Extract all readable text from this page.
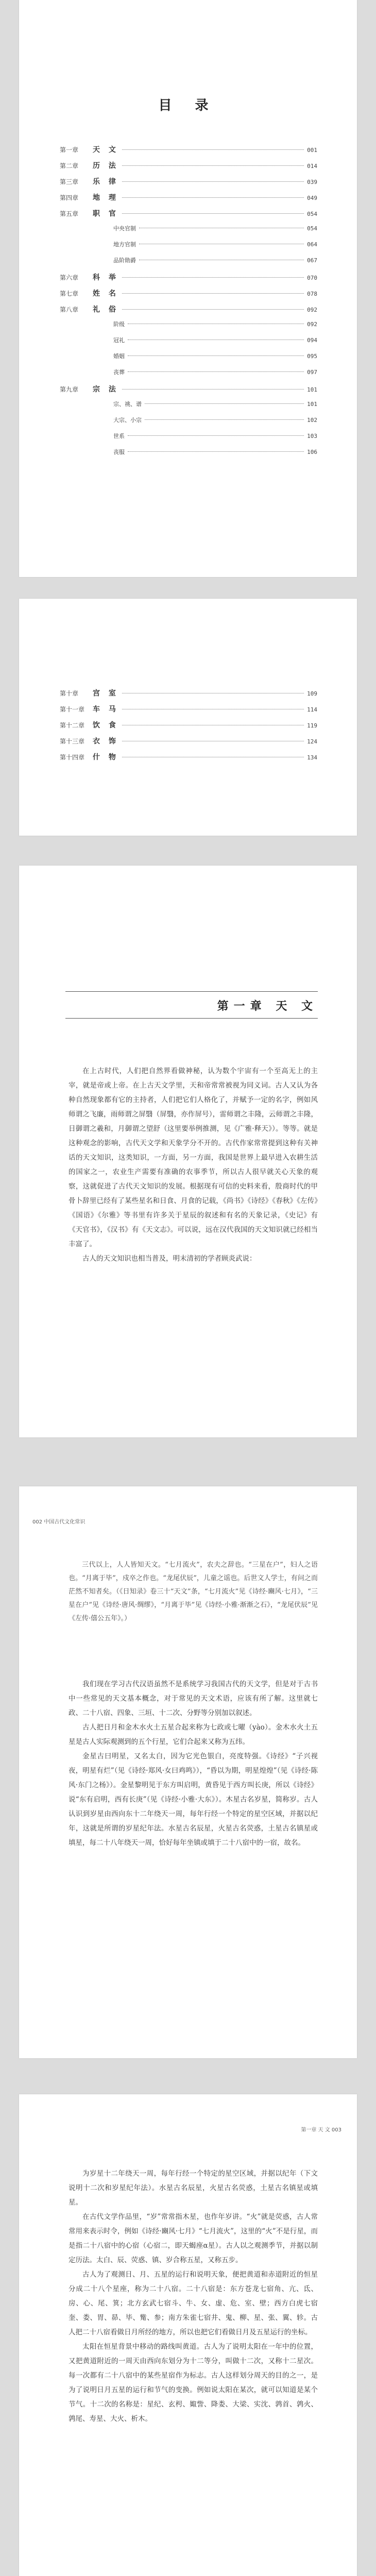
目 录
第一章	天 文	001
第二章	历 法	014
第三章	乐 律	039
第四章	地 理	049
第五章	职 官	054
中央官制	054
地方官制	064
品阶勋爵	067
第六章	科 举	070
第七章	姓 名	078
第八章	礼 俗	092
阶级	092
冠礼	094
婚姻	095
丧葬	097
第九章	宗 法	101
宗、祧、谱	101
大宗、小宗	102
世系	103
丧服	106
第十章	宫 室	109
第十一章	车 马	114
第十二章	饮 食	119
第十三章	衣 饰	124
第十四章	什 物	134
第一章 天 文

在上古时代，人们把自然界看做神秘，认为数个宇宙有一个至高无上的主宰，就是帝或上帝。在上古天文学里，天和帝常常被视为同义词。古人又认为各种自然现象都有它的主持者，人们把它们人格化了，并赋予一定的名字，例如风师谓之飞廉，雨师谓之屏翳（屏翳，亦作屏号），雷师谓之丰隆，云师谓之丰隆，日御谓之羲和，月御谓之望舒（这里要举例推测，见《广雅·释天》）。等等。就是这种观念的影响，古代天文学和天象学分不开的。古代作家常常提到这种有关神话的天文知识，这类知识，一方面，另一方面，我国是世界上最早进入农耕生活的国家之一，农业生产需要有准确的农事季节，所以古人很早就关心天象的观察，这就促进了古代天文知识的发展。根据现有可信的史料来看，殷商时代的甲骨卜辞里已经有了某些星名和日食、月食的记载，《尚书》《诗经》《春秋》《左传》《国语》《尔雅》等书里有许多关于星辰的叙述和有名的天象记录，《史记》有《天官书》，《汉书》有《天文志》。可以说，远在汉代我国的天文知识就已经相当丰富了。

古人的天文知识也相当普及，明末清初的学者顾炎武说：

002 中国古代文化常识
三代以上，人人皆知天文。“七月流火”，农夫之辞也。“三星在户”，妇人之语也。“月离于毕”，戍卒之作也。“龙尾伏辰”，儿童之谣也。后世文人学士，有问之而茫然不知者矣。（《日知录》卷三十“天文”条，“七月流火”见《诗经·豳风·七月》，“三星在户”见《诗经·唐风·绸缪》，“月离于毕”见《诗经·小雅·渐渐之石》，“龙尾伏辰”见《左传·僖公五年》。）

我们现在学习古代汉语虽然不是系统学习我国古代的天文学，但是对于古书中一些常见的天文基本概念，对于常见的天文术语，应该有所了解。这里就七政、二十八宿、四象、三垣、十二次、分野等分别加以叙述。

古人把日月和金木水火土五星合起来称为七政或七曜（yào）。金木水火土五星是古人实际观测到的五个行星，它们合起来又称为五纬。

金星古曰明星，又名太白，因为它光色银白，亮度特强。《诗经》“子兴视夜，明星有烂”（见《诗经·郑风·女曰鸡鸣》），“昏以为期，明星煌煌”（见《诗经·陈风·东门之杨》）。金星黎明见于东方叫启明，黄昏见于西方叫长庚，所以《诗经》说“东有启明，西有长庚”（见《诗经·小雅·大东》）。木星古名岁星，简称岁。古人认识到岁星由西向东十二年绕天一周，每年行经一个特定的星空区域，并据以纪年，这就是所谓的岁星纪年法。水星古名辰星，火星古名荧惑，土星古名镇星或填星，每二十八年绕天一周，恰好每年坐镇或填于二十八宿中的一宿，故名。

第一章 天 文 003

为岁星十二年绕天一周，每年行经一个特定的星空区域，并据以纪年（下文说明十二次和岁星纪年法）。水星古名辰星，火星古名荧惑，土星古名镇星或填星。

在古代文学作品里，“岁”常常指木星，也作年岁讲。“火”就是荧惑，古人常常用来表示时令，例如《诗经·豳风·七月》“七月流火”，这里的“火”不是行星，而是指二十八宿中的心宿（心宿二，即天蝎座α星）。古人以之观测季节，并据以制定历法。太白、辰、荧惑、镇、岁合称五星，又称五步。

古人为了观测日、月、五星的运行和说明天象，便把黄道和赤道附近的恒星分成二十八个星座，称为二十八宿。二十八宿是：东方苍龙七宿角、亢、氐、房、心、尾、箕；北方玄武七宿斗、牛、女、虚、危、室、壁；西方白虎七宿奎、娄、胃、昴、毕、觜、参；南方朱雀七宿井、鬼、柳、星、张、翼、轸。古人把二十八宿看做日月所经的地方，所以也把它们看做日月及五星运行的坐标。

太阳在恒星背景中移动的路线叫黄道。古人为了说明太阳在一年中的位置，又把黄道附近的一周天由西向东划分为十二等分，叫做十二次，又称十二星次。每一次都有二十八宿中的某些星宿作为标志。古人这样划分周天的目的之一，是为了说明日月五星的运行和节气的变换。例如说太阳在某次，就可以知道是某个节气。十二次的名称是：星纪、玄枵、娵訾、降娄、大梁、实沈、鹑首、鹑火、鹑尾、寿星、大火、析木。
